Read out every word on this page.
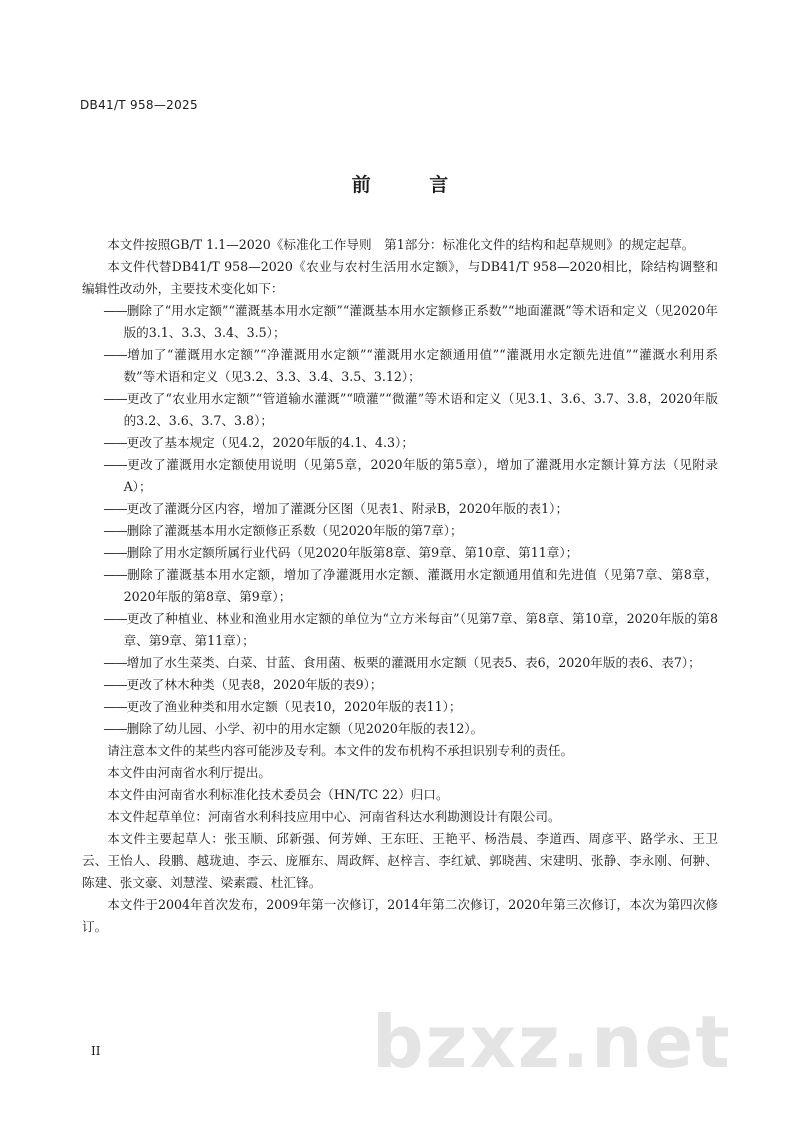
DB41/T 958—2025
前 言

本文件按照GB/T 1.1—2020《标准化工作导则　第1部分：标准化文件的结构和起草规则》的规定起草。

本文件代替DB41/T 958—2020《农业与农村生活用水定额》，与DB41/T 958—2020相比，除结构调整和编辑性改动外，主要技术变化如下：

——删除了“用水定额”“灌溉基本用水定额”“灌溉基本用水定额修正系数”“地面灌溉”等术语和定义（见2020年版的3.1、3.3、3.4、3.5）；

——增加了“灌溉用水定额”“净灌溉用水定额”“灌溉用水定额通用值”“灌溉用水定额先进值”“灌溉水利用系数”等术语和定义（见3.2、3.3、3.4、3.5、3.12）；

——更改了“农业用水定额”“管道输水灌溉”“喷灌”“微灌”等术语和定义（见3.1、3.6、3.7、3.8，2020年版的3.2、3.6、3.7、3.8）；

——更改了基本规定（见4.2，2020年版的4.1、4.3）；

——更改了灌溉用水定额使用说明（见第5章，2020年版的第5章），增加了灌溉用水定额计算方法（见附录A）；

——更改了灌溉分区内容，增加了灌溉分区图（见表1、附录B，2020年版的表1）；

——删除了灌溉基本用水定额修正系数（见2020年版的第7章）；

——删除了用水定额所属行业代码（见2020年版第8章、第9章、第10章、第11章）；

——删除了灌溉基本用水定额，增加了净灌溉用水定额、灌溉用水定额通用值和先进值（见第7章、第8章，2020年版的第8章、第9章）；

——更改了种植业、林业和渔业用水定额的单位为“立方米每亩”（见第7章、第8章、第10章，2020年版的第8章、第9章、第11章）；

——增加了水生菜类、白菜、甘蓝、食用菌、板栗的灌溉用水定额（见表5、表6，2020年版的表6、表7）；

——更改了林木种类（见表8，2020年版的表9）；

——更改了渔业种类和用水定额（见表10，2020年版的表11）；

——删除了幼儿园、小学、初中的用水定额（见2020年版的表12）。

请注意本文件的某些内容可能涉及专利。本文件的发布机构不承担识别专利的责任。

本文件由河南省水利厅提出。

本文件由河南省水利标准化技术委员会（HN/TC 22）归口。

本文件起草单位：河南省水利科技应用中心、河南省科达水利勘测设计有限公司。

本文件主要起草人：张玉顺、邱新强、何芳婵、王东旺、王艳平、杨浩晨、李道西、周彦平、路学永、王卫云、王怡人、段鹏、越珑迪、李云、庞雁东、周政辉、赵梓言、李红斌、郭晓茜、宋建明、张静、李永刚、何翀、陈建、张文豪、刘慧滢、梁素霞、杜汇锋。

本文件于2004年首次发布，2009年第一次修订，2014年第二次修订，2020年第三次修订，本次为第四次修订。

bzxz.net
II
